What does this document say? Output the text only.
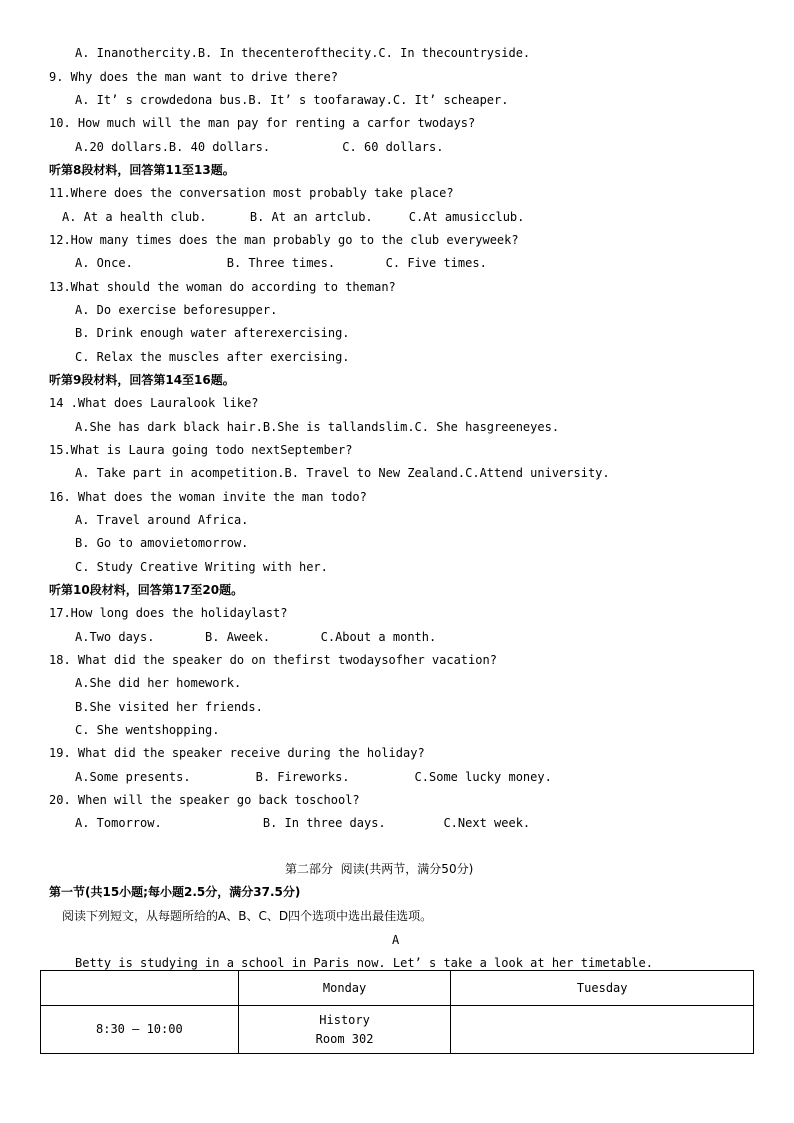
A. Inanothercity.B. In thecenterofthecity.C. In thecountryside.
9. Why does the man want to drive there?
A. It’ s crowdedona bus.B. It’ s toofaraway.C. It’ scheaper.
10. How much will the man pay for renting a carfor twodays?
A.20 dollars.B. 40 dollars.          C. 60 dollars.
听第8段材料，回答第11至13题。
11.Where does the conversation most probably take place?
A. At a health club.      B. At an artclub.     C.At amusicclub.
12.How many times does the man probably go to the club everyweek?
A. Once.             B. Three times.       C. Five times.
13.What should the woman do according to theman?
A. Do exercise beforesupper.
B. Drink enough water afterexercising.
C. Relax the muscles after exercising.
听第9段材料，回答第14至16题。
14 .What does Lauralook like?
A.She has dark black hair.B.She is tallandslim.C. She hasgreeneyes.
15.What is Laura going todo nextSeptember?
A. Take part in acompetition.B. Travel to New Zealand.C.Attend university.
16. What does the woman invite the man todo?
A. Travel around Africa.
B. Go to amovietomorrow.
C. Study Creative Writing with her.
听第10段材料，回答第17至20题。
17.How long does the holidaylast?
A.Two days.       B. Aweek.       C.About a month.
18. What did the speaker do on thefirst twodaysofher vacation?
A.She did her homework.
B.She visited her friends.
C. She wentshopping.
19. What did the speaker receive during the holiday?
A.Some presents.         B. Fireworks.         C.Some lucky money.
20. When will the speaker go back toschool?
A. Tomorrow.              B. In three days.        C.Next week.
第二部分  阅读(共两节，满分50分)
第一节(共15小题;每小题2.5分，满分37.5分)
阅读下列短文，从每题所给的A、B、C、D四个选项中选出最佳选项。
A
Betty is studying in a school in Paris now. Let’ s take a look at her timetable.
	Monday	Tuesday
8:30 — 10:00	History
Room 302	
